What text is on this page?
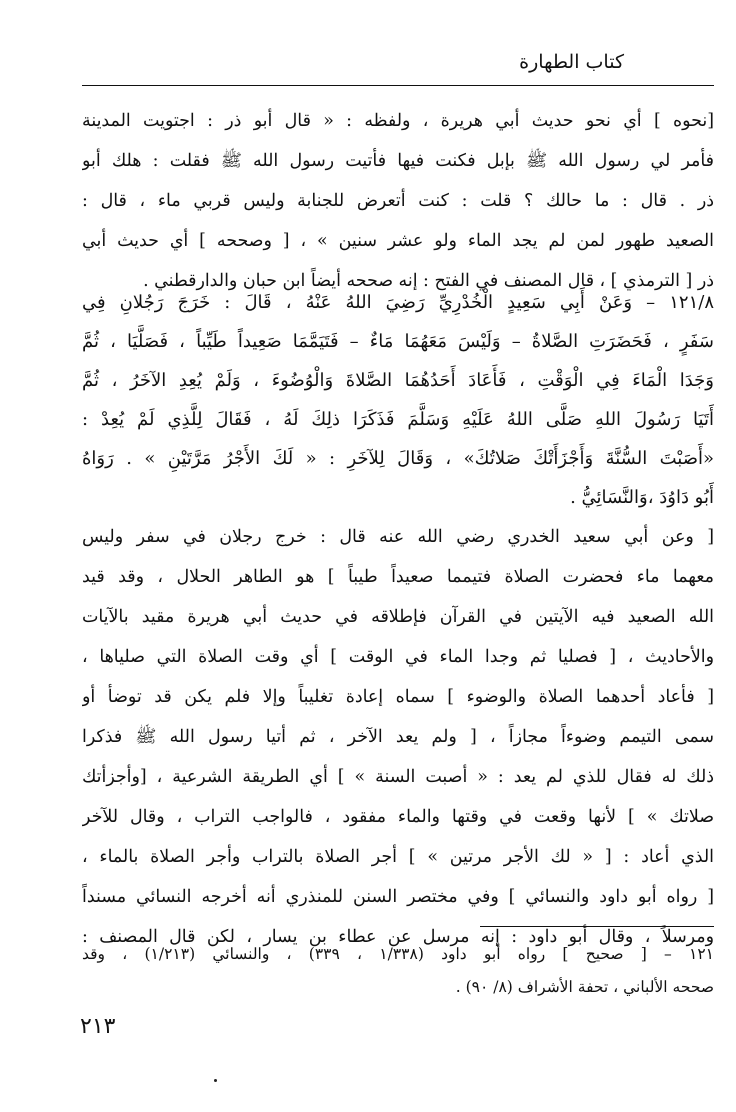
كتاب الطهارة
[نحوه ] أي نحو حديث أبي هريرة ، ولفظه : « قال أبو ذر : اجتويت المدينة
فأمر لي رسول الله ﷺ بإبل فكنت فيها فأتيت رسول الله ﷺ فقلت : هلك أبو
ذر . قال : ما حالك ؟ قلت : كنت أتعرض للجنابة وليس قربي ماء ، قال :
الصعيد طهور لمن لم يجد الماء ولو عشر سنين » ، [ وصححه ] أي حديث أبي
ذر [ الترمذي ] ، قال المصنف في الفتح : إنه صححه أيضاً ابن حبان والدارقطني .
١٢١/٨ – وَعَنْ أَبِي سَعِيدٍ الْخُدْرِيِّ رَضِيَ اللهُ عَنْهُ ، قَالَ : خَرَجَ رَجُلانِ فِي
سَفَرٍ ، فَحَضَرَتِ الصَّلاةُ – وَلَيْسَ مَعَهُمَا مَاءٌ – فَتَيَمَّمَا صَعِيداً طَيِّباً ، فَصَلَّيَا ، ثُمَّ
وَجَدَا الْمَاءَ فِي الْوَقْتِ ، فَأَعَادَ أَحَدُهُمَا الصَّلاةَ وَالْوُضُوءَ ، وَلَمْ يُعِدِ الآخَرُ ، ثُمَّ
أَتَيَا رَسُولَ اللهِ صَلَّى اللهُ عَلَيْهِ وَسَلَّمَ فَذَكَرَا ذلِكَ لَهُ ، فَقَالَ لِلَّذِي لَمْ يُعِدْ :
«أَصَبْتَ السُّنَّةَ وَأَجْزَأَتْكَ صَلاتُكَ» ، وَقَالَ لِلآخَرِ : « لَكَ الأَجْرُ مَرَّتَيْنِ » . رَوَاهُ
أَبُو دَاوُدَ ،وَالنَّسَائِيُّ .
[ وعن أبي سعيد الخدري رضي الله عنه قال : خرج رجلان في سفر وليس
معهما ماء فحضرت الصلاة فتيمما صعيداً طيباً ] هو الطاهر الحلال ، وقد قيد
الله الصعيد فيه الآيتين في القرآن فإطلاقه في حديث أبي هريرة مقيد بالآيات
والأحاديث ، [ فصليا ثم وجدا الماء في الوقت ] أي وقت الصلاة التي صلياها ،
[ فأعاد أحدهما الصلاة والوضوء ] سماه إعادة تغليباً وإلا فلم يكن قد توضأ أو
سمى التيمم وضوءاً مجازاً ، [ ولم يعد الآخر ، ثم أتيا رسول الله ﷺ فذكرا
ذلك له فقال للذي لم يعد : « أصبت السنة » ] أي الطريقة الشرعية ، [وأجزأتك
صلاتك » ] لأنها وقعت في وقتها والماء مفقود ، فالواجب التراب ، وقال للآخر
الذي أعاد : [ « لك الأجر مرتين » ] أجر الصلاة بالتراب وأجر الصلاة بالماء ،
[ رواه أبو داود والنسائي ] وفي مختصر السنن للمنذري أنه أخرجه النسائي مسنداً
ومرسلاً ، وقال أبو داود : إنه مرسل عن عطاء بن يسار ، لكن قال المصنف :
١٢١ – [ صحيح ] رواه أبو داود (١/٣٣٨ ، ٣٣٩) ، والنسائي (١/٢١٣) ، وقد
صححه الألباني ، تحفة الأشراف (٨/ ٩٠) .
٢١٣
